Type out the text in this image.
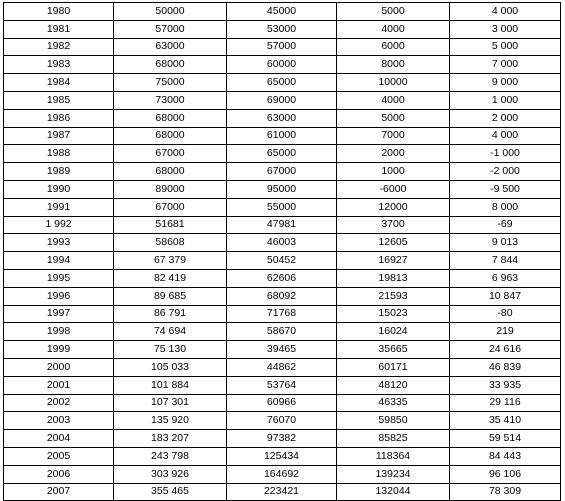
1980	50000	45000	5000	4 000
1981	57000	53000	4000	3 000
1982	63000	57000	6000	5 000
1983	68000	60000	8000	7 000
1984	75000	65000	10000	9 000
1985	73000	69000	4000	1 000
1986	68000	63000	5000	2 000
1987	68000	61000	7000	4 000
1988	67000	65000	2000	-1 000
1989	68000	67000	1000	-2 000
1990	89000	95000	-6000	-9 500
1991	67000	55000	12000	8 000
1 992	51681	47981	3700	-69
1993	58608	46003	12605	9 013
1994	67 379	50452	16927	7 844
1995	82 419	62606	19813	6 963
1996	89 685	68092	21593	10 847
1997	86 791	71768	15023	-80
1998	74 694	58670	16024	219
1999	75 130	39465	35665	24 616
2000	105 033	44862	60171	46 839
2001	101 884	53764	48120	33 935
2002	107 301	60966	46335	29 116
2003	135 920	76070	59850	35 410
2004	183 207	97382	85825	59 514
2005	243 798	125434	118364	84 443
2006	303 926	164692	139234	96 106
2007	355 465	223421	132044	78 309
